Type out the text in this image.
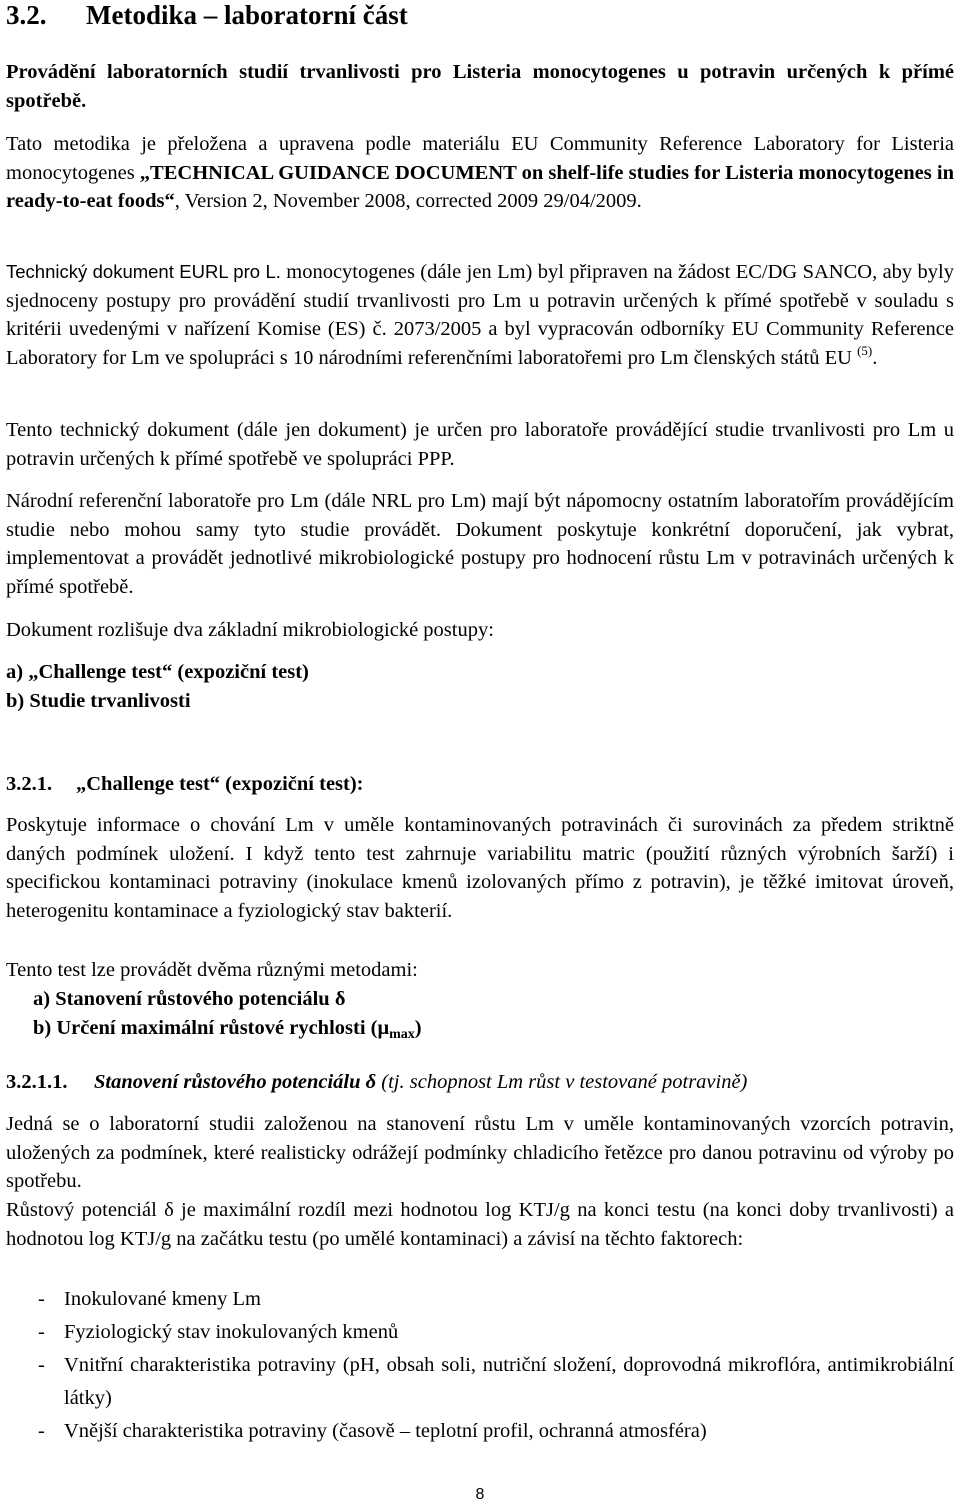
3.2. Metodika – laboratorní část

Provádění laboratorních studií trvanlivosti pro Listeria monocytogenes u potravin určených k přímé spotřebě.

Tato metodika je přeložena a upravena podle materiálu EU Community Reference Laboratory for Listeria monocytogenes „TECHNICAL GUIDANCE DOCUMENT on shelf-life studies for Listeria monocytogenes in ready-to-eat foods“, Version 2, November 2008, corrected 2009 29/04/2009.

Technický dokument EURL pro L. monocytogenes (dále jen Lm) byl připraven na žádost EC/DG SANCO, aby byly sjednoceny postupy pro provádění studií trvanlivosti pro Lm u potravin určených k přímé spotřebě v souladu s kritérii uvedenými v nařízení Komise (ES) č. 2073/2005 a byl vypracován odborníky EU Community Reference Laboratory for Lm ve spolupráci s 10 národními referenčními laboratořemi pro Lm členských států EU $^{(5)}$.

Tento technický dokument (dále jen dokument) je určen pro laboratoře provádějící studie trvanlivosti pro Lm u potravin určených k přímé spotřebě ve spolupráci PPP.

Národní referenční laboratoře pro Lm (dále NRL pro Lm) mají být nápomocny ostatním laboratořím provádějícím studie nebo mohou samy tyto studie provádět. Dokument poskytuje konkrétní doporučení, jak vybrat, implementovat a provádět jednotlivé mikrobiologické postupy pro hodnocení růstu Lm v potravinách určených k přímé spotřebě.

Dokument rozlišuje dva základní mikrobiologické postupy:

a) „Challenge test“ (expoziční test)
b) Studie trvanlivosti
3.2.1. „Challenge test“ (expoziční test):

Poskytuje informace o chování Lm v uměle kontaminovaných potravinách či surovinách za předem striktně daných podmínek uložení. I když tento test zahrnuje variabilitu matric (použití různých výrobních šarží) i specifickou kontaminaci potraviny (inokulace kmenů izolovaných přímo z potravin), je těžké imitovat úroveň, heterogenitu kontaminace a fyziologický stav bakterií.

Tento test lze provádět dvěma různými metodami:

a) Stanovení růstového potenciálu δ
b) Určení maximální růstové rychlosti $(\mu_{max})$
3.2.1.1. Stanovení růstového potenciálu δ (tj. schopnost Lm růst v testované potravině)

Jedná se o laboratorní studii založenou na stanovení růstu Lm v uměle kontaminovaných vzorcích potravin, uložených za podmínek, které realisticky odrážejí podmínky chladicího řetězce pro danou potravinu od výroby po spotřebu.

Růstový potenciál δ je maximální rozdíl mezi hodnotou log KTJ/g na konci testu (na konci doby trvanlivosti) a hodnotou log KTJ/g na začátku testu (po umělé kontaminaci) a závisí na těchto faktorech:

- Inokulované kmeny Lm
- Fyziologický stav inokulovaných kmenů
- Vnitřní charakteristika potraviny (pH, obsah soli, nutriční složení, doprovodná mikroflóra, antimikrobiální látky)
- Vnější charakteristika potraviny (časově – teplotní profil, ochranná atmosféra)
8
